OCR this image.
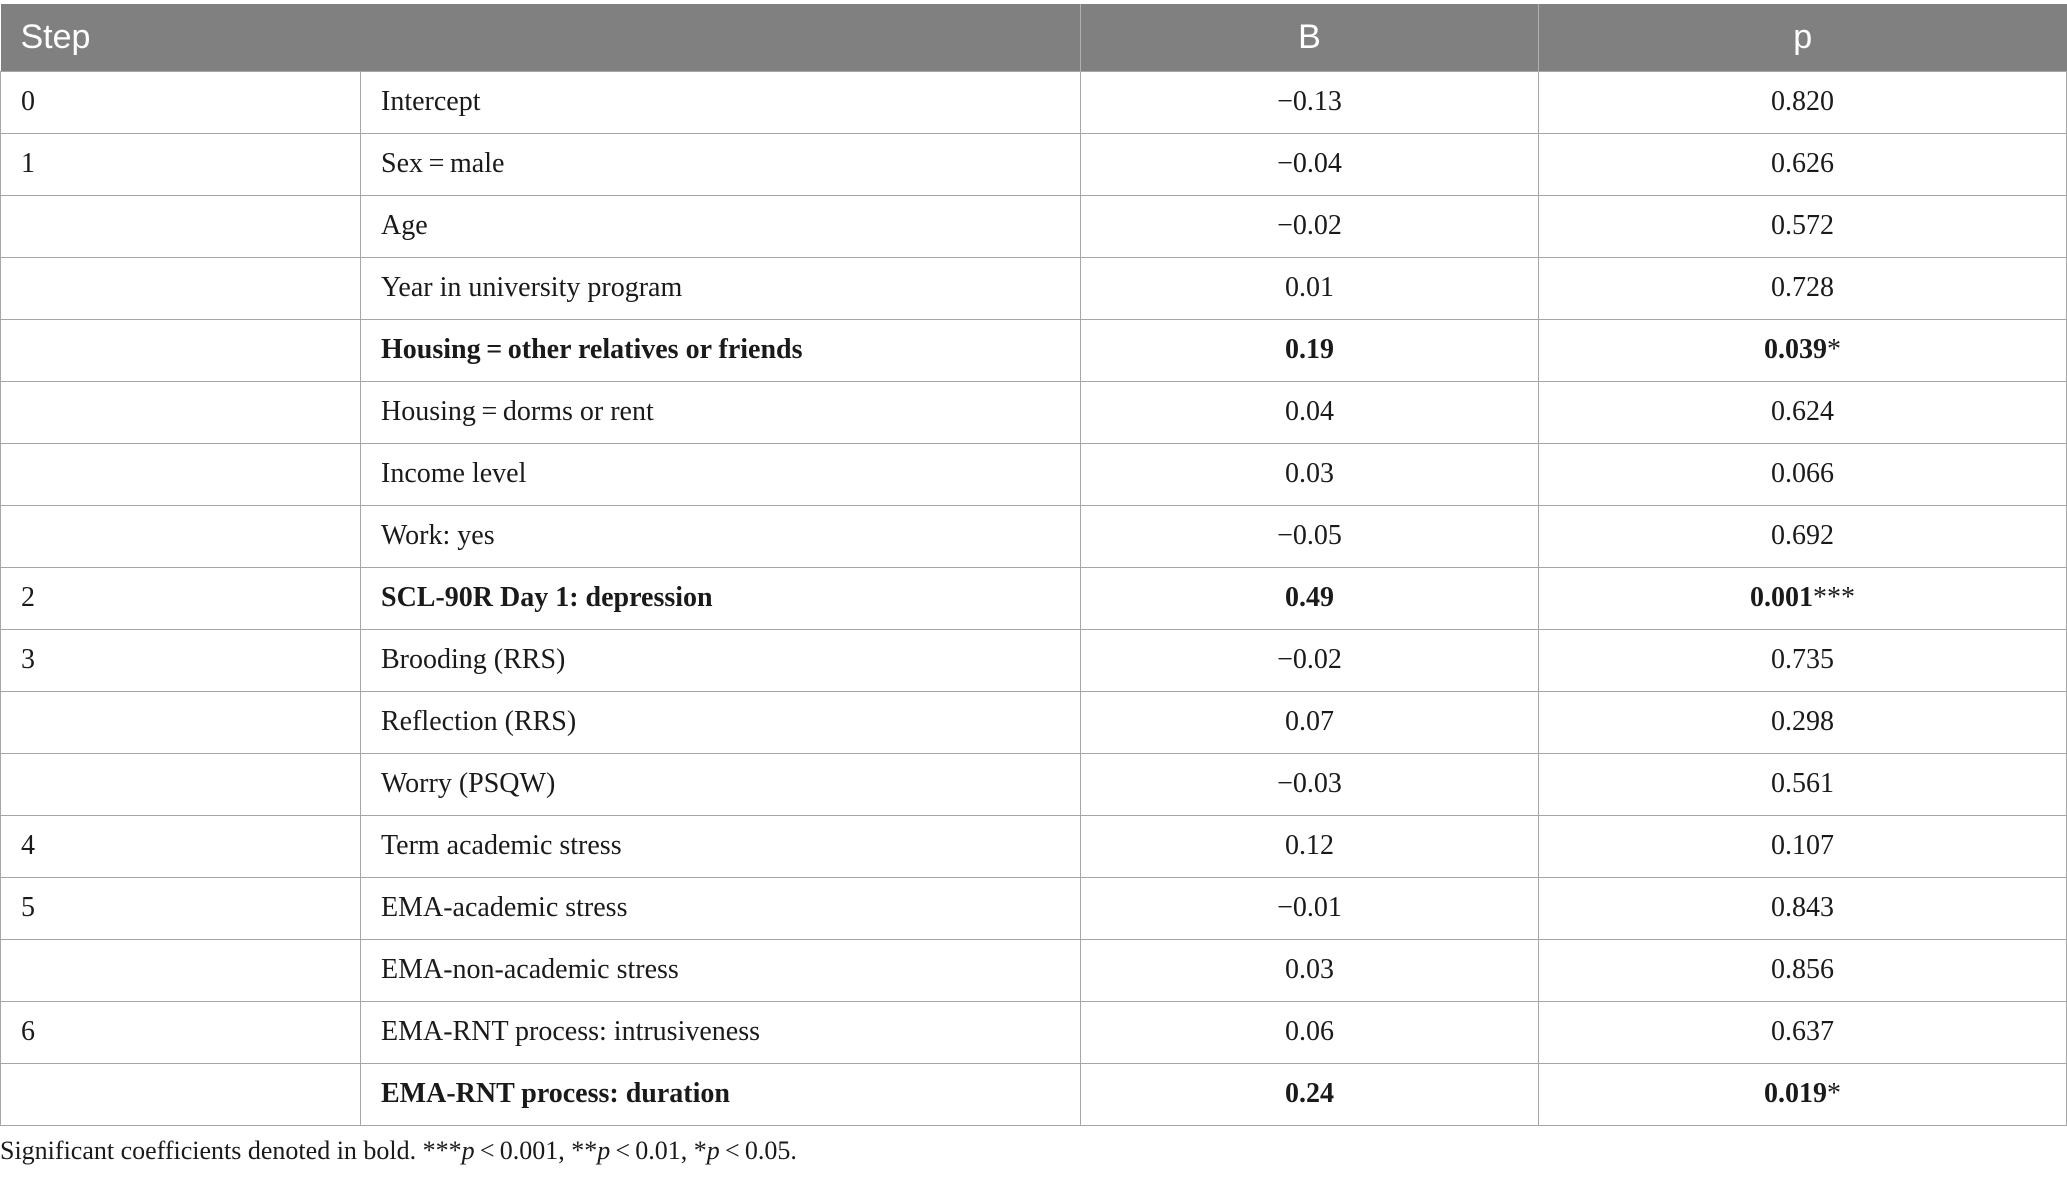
Step		B	p
0	Intercept	−0.13	0.820
1	Sex = male	−0.04	0.626
	Age	−0.02	0.572
	Year in university program	0.01	0.728
	Housing = other relatives or friends	0.19	0.039*
	Housing = dorms or rent	0.04	0.624
	Income level	0.03	0.066
	Work: yes	−0.05	0.692
2	SCL-90R Day 1: depression	0.49	0.001***
3	Brooding (RRS)	−0.02	0.735
	Reflection (RRS)	0.07	0.298
	Worry (PSQW)	−0.03	0.561
4	Term academic stress	0.12	0.107
5	EMA-academic stress	−0.01	0.843
	EMA-non-academic stress	0.03	0.856
6	EMA-RNT process: intrusiveness	0.06	0.637
	EMA-RNT process: duration	0.24	0.019*
Significant coefficients denoted in bold. ***p < 0.001, **p < 0.01, *p < 0.05.
